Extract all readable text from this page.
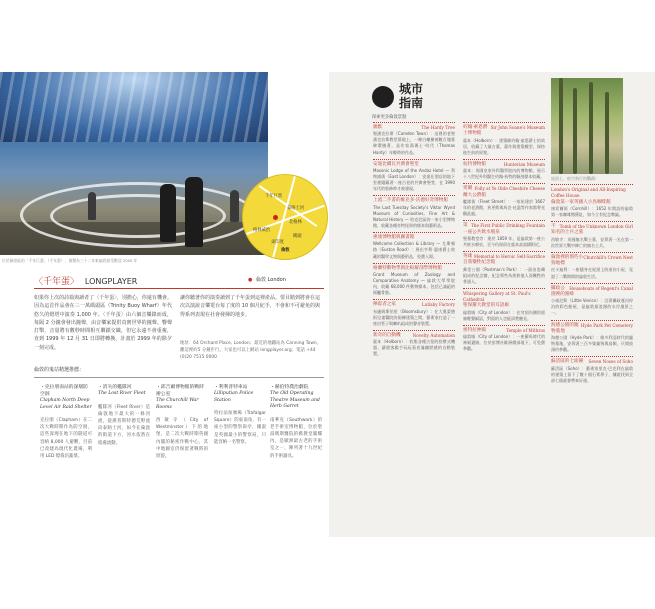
千年巨蛋
泰晤士河
格林威治
碼頭
北格林
東印度
倫敦
位於蘇豪區的「千年巨蛋」（千年蛋），被譽為三十二年來倫敦最受歡迎 2000 年
〈千年蛋〉 LONGPLAYER	● 倫敦 London
如果你上次的詩篇與讀者了〈千年蛋〉，別擔心，你還有機會。因為這首作品會在三一萬碼頭區（Trinity Buoy Wharf）年代悠久的燈塔中演奏 1,000 年。〈千年蛋〉由六個音樂錄而成，每隔 2 分鐘會發出鐘聲，由音樂家提供真實世界的鐘聲、響聲打擊，音量將有數秒時間相互聯鎖交織，但它永遠不會重複，直到 1999 年 12 月 31 日即將轉換，計畫於 2999 年的除夕一刻完成。
讓你聽著你的演奏讀到了千年蛋到這裡產品。要目賭到將會在這次以演說音樂電台每了度的 10 個月紀手，不會和不可避免的與得系列表現在社會發揮的地步。
地址：64 Orchard Place, London；最近的地鐵站為 Canning Town，離這裡約5 分鐘步行。大家也可以上網站 longplayer.org；電話 +44 (0)20 7515 0000
倫敦的鬼站精選推薦：
・克拉朋南站的深層防空洞
Clapham North Deep Level Air Raid Shelter
克拉朋（Clapham）在二次大戰時期作為防空洞，這些深埋在地下的隧道可容納 8,000 人避難，目前已改建為現代化農場，利用 LED 燈栽培蔬菜。
・消失的艦隊河
The Lost River Fleet
艦隊河（Fleet River）是倫敦地下最大的一條河流，從漢普斯特德荒野流向泰晤士河，如今在倫敦的街道下方，河水依然在暗處流動。
・邱吉爾博物館的戰時辦公室
The Churchill War Rooms
西敏寺（City of Westminster）下的地堡，是二次大戰時期英國內閣的秘密作戰中心，其中地圖室仍保留著戰時的原貌。
・利利普特車站
Lilliputian Police Station
特拉法加廣場（Trafalgar Square）的東南角，有一座小型的警察崗亭，據說是英國最小的警察局，只能容納一名警察。
・赫伯特喬治劇院
The Old Operating Theatre Museum and Herb Garret
南華克（Southwark）的老手術室博物館，位於聖湯瑪斯醫院的舊教堂閣樓內，是歐洲最古老的手術室之一，陳列著十九世紀的手術器具。
城市
指南
探索更多倫敦景點
屋頂上，低空飛行的鸚鵡！
The Hardy Tree
幽默
聖潘克拉斯（Camden Town）：這裡的老聖潘克拉斯教堂墓地上，一棵白蠟樹被數百塊墓碑環繞著，是作家湯瑪士·哈代（Thomas Hardy）年輕時的作品。
安迪比爾瓦共濟會聖堂
Masonic Lodge of the Andaz Hotel — 利物浦街（East London）：安達仕酒店的地下室裡隱藏著一座古老的共濟會聖堂，在 1990 年代的裝修時才被發現。
上流二手書的維克多·沃德好奇博物館
The Last Tuesday Society's Viktor Wynd Museum of Curiosities, Fine Art & Natural History — 哈克尼區的一家小型博物館，收藏各種奇特怪異的標本與藝術品。
惠康博物館與圖書館
Wellcome Collection & Library — 尤斯頓路（Euston Road）：展出亨利·惠康爵士收藏的醫學文物與藝術品，免費入場。
格蘭特動物學與比較解剖學博物館
Grant Museum of Zoology and Comparative Anatomy — 倫敦大學學院內，收藏 68,000 件動物標本，包括已滅絕的斑驢骨骼。
Lullaby Factory
揮霍者之家
布盧姆斯伯里（Bloomsbury）：在大奧蒙德街兒童醫院的兩棟建築之間，藝術家打造了一座由管子與喇叭組成的聲音裝置。
Novelty Automation
新奇的自動機
霍本（Holborn）：收集各種古怪的投幣式機器，讓遊客親手玩玩看充滿幽默感的自動裝置。
Sir John Soane's Museum
約翰·索恩爵士博物館
霍本（Holborn）：建築師約翰·索恩爵士的故居，收藏了大量古董、畫作與建築模型，保持他生前的原貌。
Hunterian Museum
杭特博物館
霍本：英國皇家外科醫學院內的博物館，展示十八世紀外科醫生約翰·杭特的解剖標本收藏。
Folly at Ye Olde Cheshire Cheese
愛爾蘭大公爵館
艦隊街（Fleet Street）：一家始建於 1667 年的老酒館，狄更斯與馬克·吐溫等作家都曾光顧此處。
The First Public Drinking Fountain
第一座公共飲水噴泉
聖墓教堂旁：建於 1859 年，是倫敦第一座公共飲水噴泉，至今仍保留在霍本高架橋附近。
Memorial to Heroic Self-Sacrifice
英雄自我犧牲紀念館
郵差公園（Postman's Park）：一面由瓷磚組成的紀念牆，紀念那些為拯救他人而犧牲的普通人。
Whispering Gallery at St. Paul's Cathedral
聖保羅大教堂的耳語廊
倫敦城（City of London）：在穹頂內側的迴廊輕聲細語，對面的人也能清楚聽見。
Temple of Mithras
密特拉神殿
倫敦城（City of London）：一座羅馬時代的神殿遺跡，位於彭博社歐洲總部地下，可免費參觀。
London's Original and All-Inspiring Coffee House
倫敦第一家英國人小鳥咖啡館
康希爾街（Cornhill）：1652 年開設的倫敦第一家咖啡館舊址，如今立有紀念牌匾。
Tomb of the Unknown London Girl
不知名的士兵之墓
西敏寺：英國無名戰士墓，安葬著一名在第一次世界大戰中陣亡的無名士兵。
Churchill's Crown Nest
倫敦裡的那些小狗地標
皮卡迪利：一座隱身在屋頂上的迷你小屋，見證了二戰期間的倫敦生活。
Houseboats of Regent's Canal
攝政公園裡的蜜蜂
小威尼斯（Little Venice）：沿著攝政運河停泊的彩色船屋，是倫敦最浪漫的水岸風景之一。
Hyde Park Pet Cemetery
海德公園的寵物墓地
海德公園（Hyde Park）：維多利亞時代的寵物墓地，安葬著三百多隻貓狗與鳥類，只開放預約參觀。
Seven Noses of Soho
蘇活區的七面鐘
蘇活區（Soho）：藝術家里克·巴克利在倫敦的建築上留下了數十個石膏鼻子，據說找到全部七個就會帶來好運。
